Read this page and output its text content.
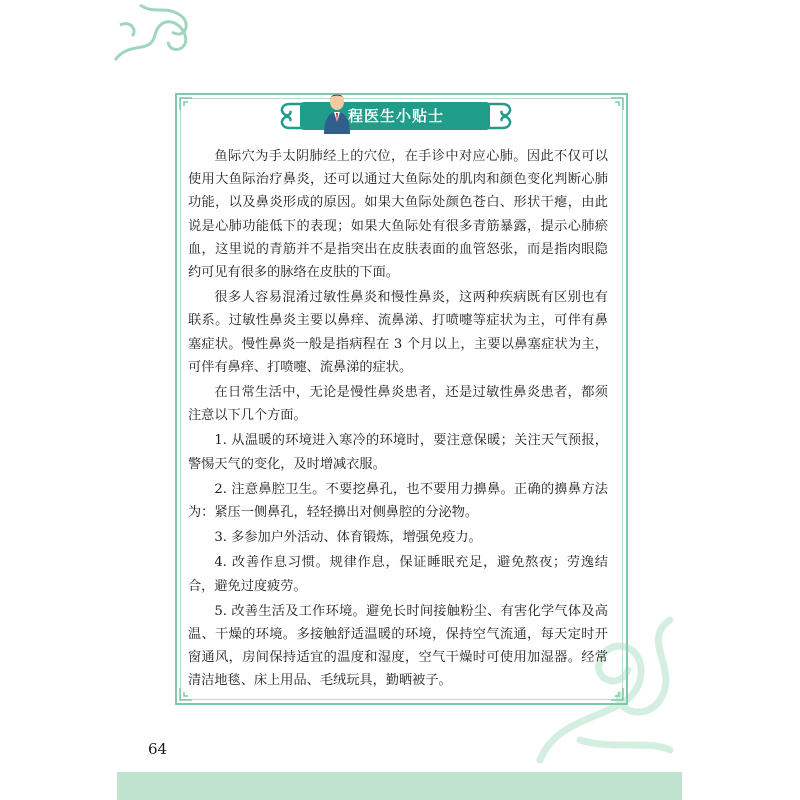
程医生小贴士

鱼际穴为手太阴肺经上的穴位，在手诊中对应心肺。因此不仅可以使用大鱼际治疗鼻炎，还可以通过大鱼际处的肌肉和颜色变化判断心肺功能，以及鼻炎形成的原因。如果大鱼际处颜色苍白、形状干瘪，由此说是心肺功能低下的表现；如果大鱼际处有很多青筋暴露，提示心肺瘀血，这里说的青筋并不是指突出在皮肤表面的血管怒张，而是指肉眼隐约可见有很多的脉络在皮肤的下面。

很多人容易混淆过敏性鼻炎和慢性鼻炎，这两种疾病既有区别也有联系。过敏性鼻炎主要以鼻痒、流鼻涕、打喷嚏等症状为主，可伴有鼻塞症状。慢性鼻炎一般是指病程在 3 个月以上，主要以鼻塞症状为主，可伴有鼻痒、打喷嚏、流鼻涕的症状。

在日常生活中，无论是慢性鼻炎患者，还是过敏性鼻炎患者，都须注意以下几个方面。

1. 从温暖的环境进入寒冷的环境时，要注意保暖；关注天气预报，警惕天气的变化，及时增减衣服。

2. 注意鼻腔卫生。不要挖鼻孔，也不要用力擤鼻。正确的擤鼻方法为：紧压一侧鼻孔，轻轻擤出对侧鼻腔的分泌物。

3. 多参加户外活动、体育锻炼，增强免疫力。

4. 改善作息习惯。规律作息，保证睡眠充足，避免熬夜；劳逸结合，避免过度疲劳。

5. 改善生活及工作环境。避免长时间接触粉尘、有害化学气体及高温、干燥的环境。多接触舒适温暖的环境，保持空气流通，每天定时开窗通风，房间保持适宜的温度和湿度，空气干燥时可使用加湿器。经常清洁地毯、床上用品、毛绒玩具，勤晒被子。

64
